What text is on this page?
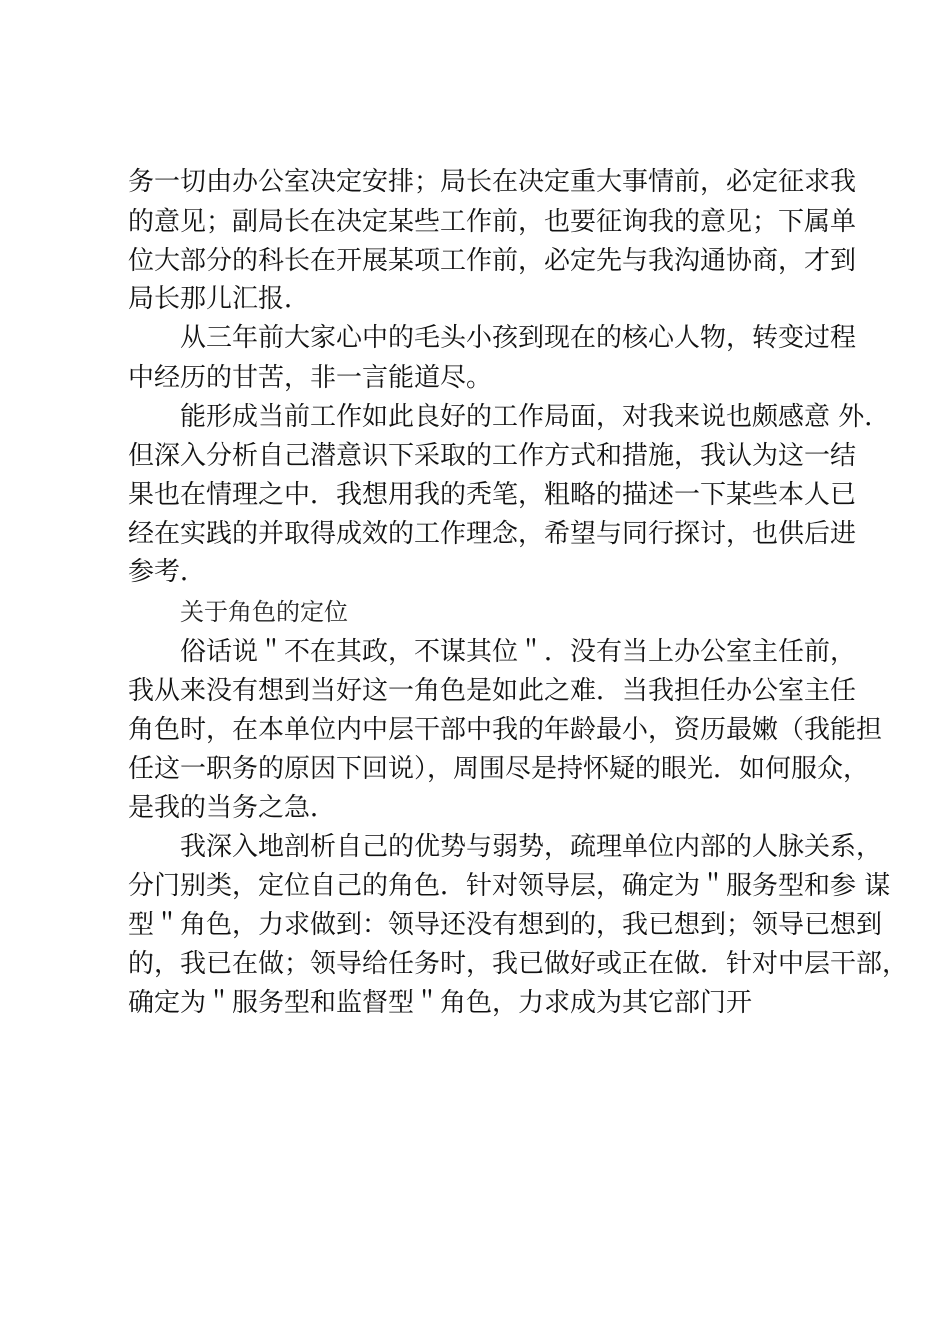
务一切由办公室决定安排；局长在决定重大事情前，必定征求我

的意见；副局长在决定某些工作前，也要征询我的意见；下属单

位大部分的科长在开展某项工作前，必定先与我沟通协商，才到

局长那儿汇报．

从三年前大家心中的毛头小孩到现在的核心人物，转变过程

中经历的甘苦，非一言能道尽。

能形成当前工作如此良好的工作局面，对我来说也颇感意 外．

但深入分析自己潜意识下采取的工作方式和措施，我认为这一结

果也在情理之中．我想用我的秃笔，粗略的描述一下某些本人已

经在实践的并取得成效的工作理念，希望与同行探讨，也供后进

参考．

关于角色的定位

俗话说＂不在其政，不谋其位＂．没有当上办公室主任前，

我从来没有想到当好这一角色是如此之难．当我担任办公室主任

角色时，在本单位内中层干部中我的年龄最小，资历最嫩（我能担

任这一职务的原因下回说），周围尽是持怀疑的眼光．如何服众，

是我的当务之急．

我深入地剖析自己的优势与弱势，疏理单位内部的人脉关系，

分门别类，定位自己的角色．针对领导层，确定为＂服务型和参 谋

型＂角色，力求做到：领导还没有想到的，我已想到；领导已想到

的，我已在做；领导给任务时，我已做好或正在做．针对中层干部，

确定为＂服务型和监督型＂角色，力求成为其它部门开
